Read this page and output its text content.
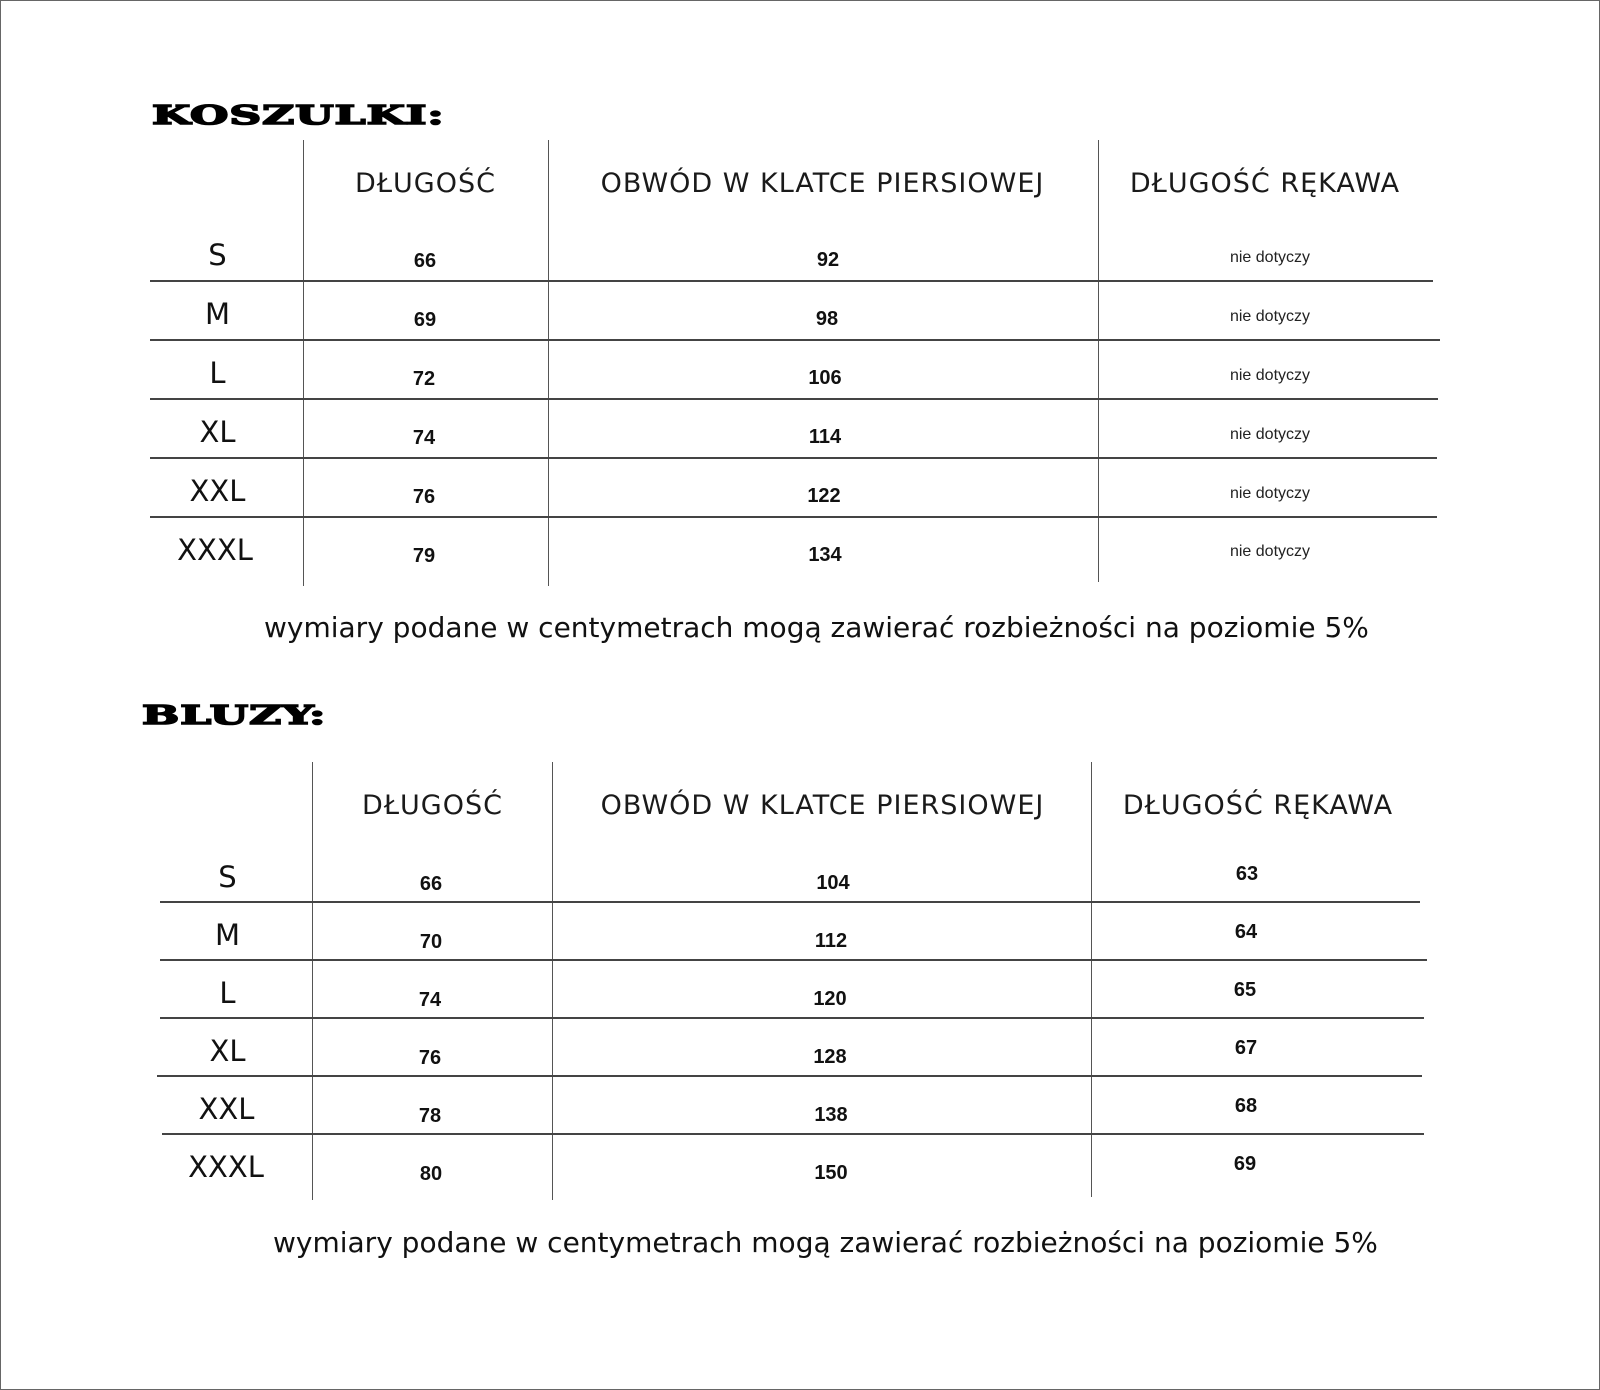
KOSZULKI:
DŁUGOŚĆ	OBWÓD W KLATCE PIERSIOWEJ	DŁUGOŚĆ RĘKAWA
S	66	92	nie dotyczy
M	69	98	nie dotyczy
L	72	106	nie dotyczy
XL	74	114	nie dotyczy
XXL	76	122	nie dotyczy
XXXL	79	134	nie dotyczy
wymiary podane w centymetrach mogą zawierać rozbieżności na poziomie 5%
BLUZY:
DŁUGOŚĆ	OBWÓD W KLATCE PIERSIOWEJ	DŁUGOŚĆ RĘKAWA
S	66	104	63
M	70	112	64
L	74	120	65
XL	76	128	67
XXL	78	138	68
XXXL	80	150	69
wymiary podane w centymetrach mogą zawierać rozbieżności na poziomie 5%
